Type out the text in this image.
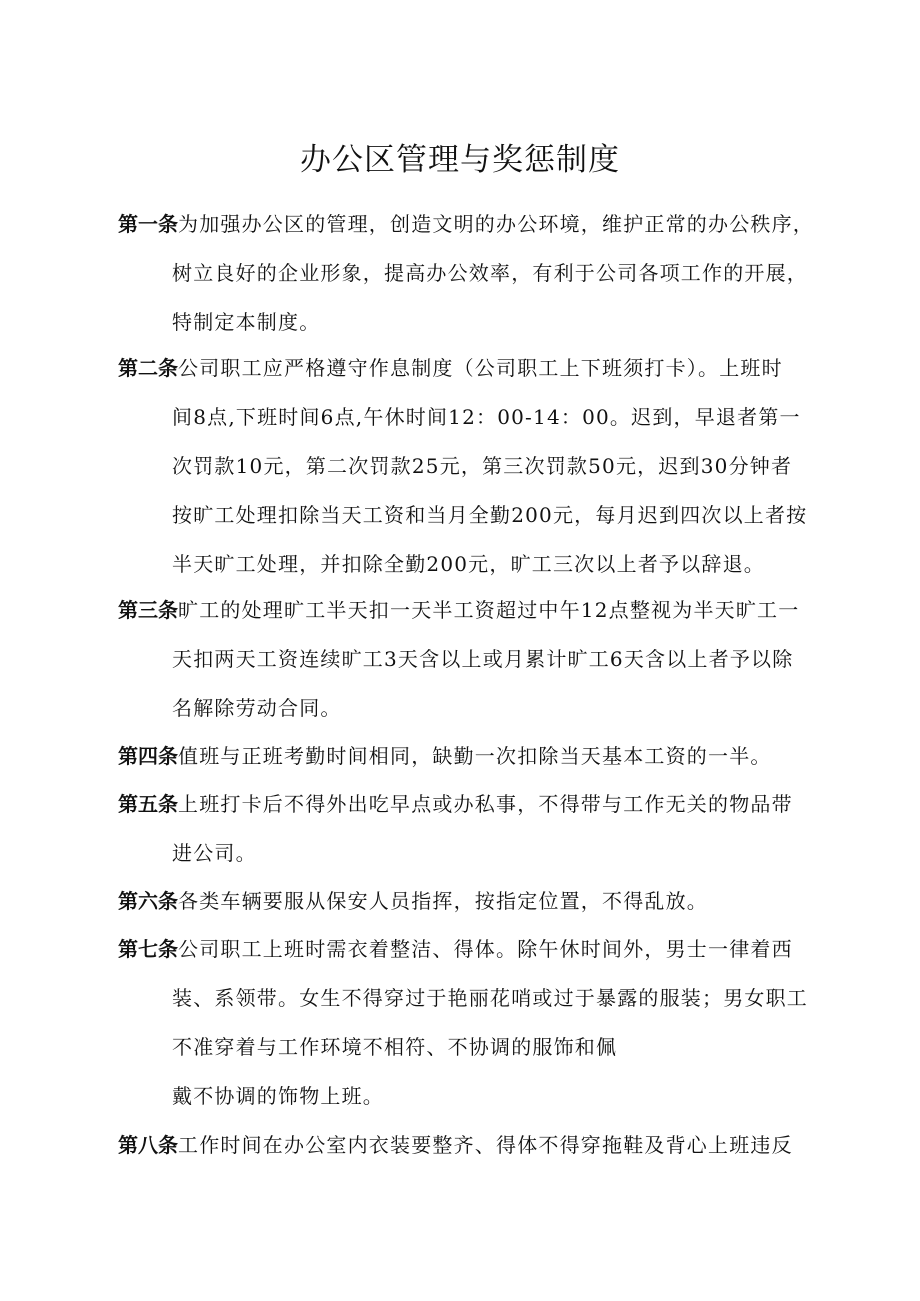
办公区管理与奖惩制度
第一条为加强办公区的管理，创造文明的办公环境，维护正常的办公秩序，
树立良好的企业形象，提高办公效率，有利于公司各项工作的开展，
特制定本制度。
第二条公司职工应严格遵守作息制度（公司职工上下班须打卡）。上班时
间8点,下班时间6点,午休时间12：00-14：00。迟到，早退者第一
次罚款10元，第二次罚款25元，第三次罚款50元，迟到30分钟者
按旷工处理扣除当天工资和当月全勤200元，每月迟到四次以上者按
半天旷工处理，并扣除全勤200元，旷工三次以上者予以辞退。
第三条旷工的处理旷工半天扣一天半工资超过中午12点整视为半天旷工一
天扣两天工资连续旷工3天含以上或月累计旷工6天含以上者予以除
名解除劳动合同。
第四条值班与正班考勤时间相同，缺勤一次扣除当天基本工资的一半。
第五条上班打卡后不得外出吃早点或办私事，不得带与工作无关的物品带
进公司。
第六条各类车辆要服从保安人员指挥，按指定位置，不得乱放。
第七条公司职工上班时需衣着整洁、得体。除午休时间外，男士一律着西
装、系领带。女生不得穿过于艳丽花哨或过于暴露的服装；男女职工
不准穿着与工作环境不相符、不协调的服饰和佩
戴不协调的饰物上班。
第八条工作时间在办公室内衣装要整齐、得体不得穿拖鞋及背心上班违反
